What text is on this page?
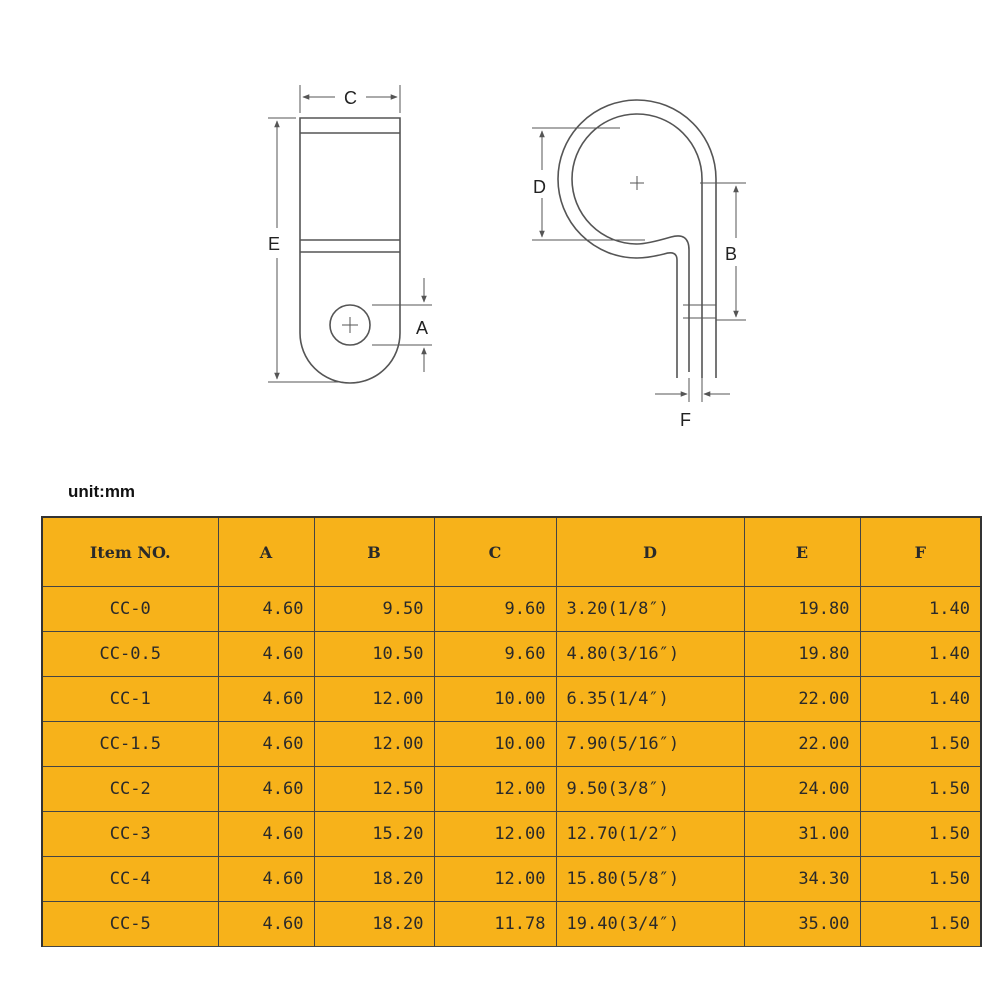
C
E
A
D
B
F
unit:mm
Item NO.	A	B	C	D	E	F
CC-0	4.60	9.50	9.60	3.20(1/8″)	19.80	1.40
CC-0.5	4.60	10.50	9.60	4.80(3/16″)	19.80	1.40
CC-1	4.60	12.00	10.00	6.35(1/4″)	22.00	1.40
CC-1.5	4.60	12.00	10.00	7.90(5/16″)	22.00	1.50
CC-2	4.60	12.50	12.00	9.50(3/8″)	24.00	1.50
CC-3	4.60	15.20	12.00	12.70(1/2″)	31.00	1.50
CC-4	4.60	18.20	12.00	15.80(5/8″)	34.30	1.50
CC-5	4.60	18.20	11.78	19.40(3/4″)	35.00	1.50
